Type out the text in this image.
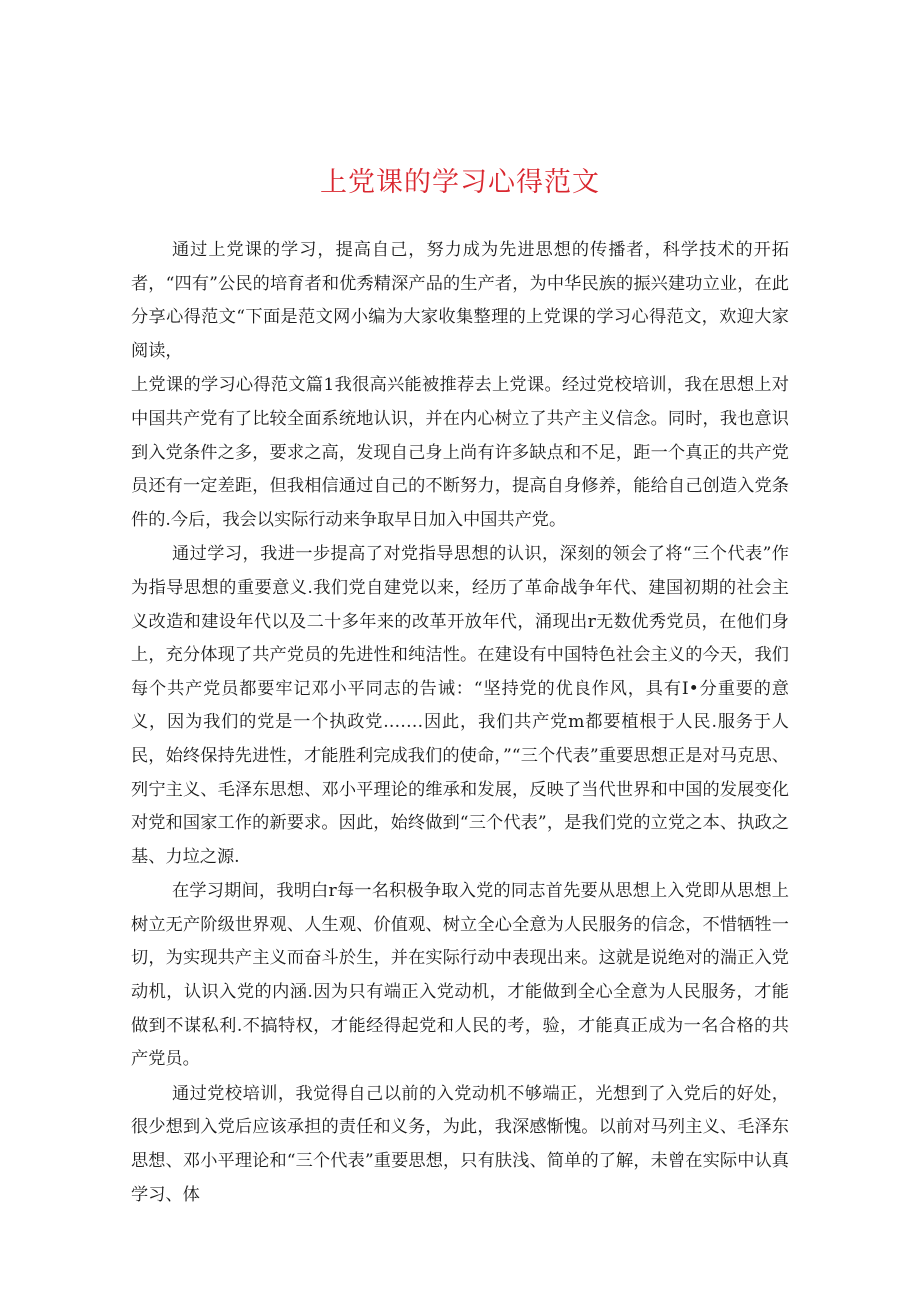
上党课的学习心得范文

通过上党课的学习，提高自己，努力成为先进思想的传播者，科学技术的开拓者，“四有”公民的培育者和优秀精深产品的生产者，为中华民族的振兴建功立业，在此分享心得范文“下面是范文网小编为大家收集整理的上党课的学习心得范文，欢迎大家阅读，

上党课的学习心得范文篇1我很高兴能被推荐去上党课。经过党校培训，我在思想上对中国共产党有了比较全面系统地认识，并在内心树立了共产主义信念。同时，我也意识到入党条件之多，要求之高，发现自己身上尚有许多缺点和不足，距一个真正的共产党员还有一定差距，但我相信通过自己的不断努力，提高自身修养，能给自己创造入党条件的.今后，我会以实际行动来争取早日加入中国共产党。

通过学习，我进一步提高了对党指导思想的认识，深刻的领会了将“三个代表”作为指导思想的重要意义.我们党自建党以来，经历了革命战争年代、建国初期的社会主义改造和建设年代以及二十多年来的改革开放年代，涌现出r无数优秀党员，在他们身上，充分体现了共产党员的先进性和纯洁性。在建设有中国特色社会主义的今天，我们每个共产党员都要牢记邓小平同志的告诫：“坚持党的优良作风，具有I•分重要的意义，因为我们的党是一个执政党.……因此，我们共产党m都要植根于人民.服务于人民，始终保持先进性，才能胜利完成我们的使命，”“三个代表”重要思想正是对马克思、列宁主义、毛泽东思想、邓小平理论的维承和发展，反映了当代世界和中国的发展变化对党和国家工作的新要求。因此，始终做到“三个代表”，是我们党的立党之本、执政之基、力垃之源.

在学习期间，我明白r每一名积极争取入党的同志首先要从思想上入党即从思想上树立无产阶级世界观、人生观、价值观、树立全心全意为人民服务的信念，不惜牺牲一切，为实现共产主义而奋斗於生，并在实际行动中表现出来。这就是说绝对的湍正入党动机，认识入党的内涵.因为只有端正入党动机，才能做到全心全意为人民服务，才能做到不谋私利.不搞特权，才能经得起党和人民的考，验，才能真正成为一名合格的共产党员。

通过党校培训，我觉得自己以前的入党动机不够端正，光想到了入党后的好处，很少想到入党后应该承担的责任和义务，为此，我深感惭愧。以前对马列主义、毛泽东思想、邓小平理论和“三个代表”重要思想，只有肤浅、简单的了解，未曾在实际中认真学习、体
